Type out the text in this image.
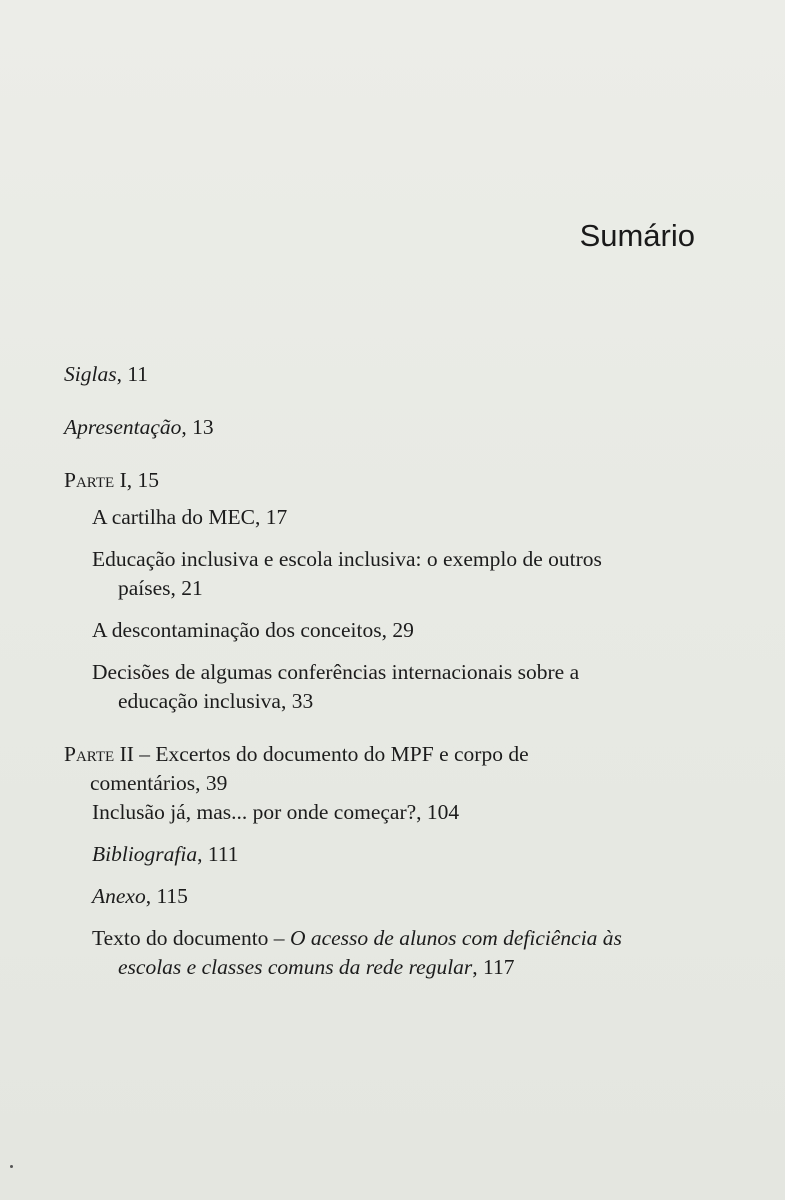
Sumário

Siglas, 11

Apresentação, 13

Parte I, 15

A cartilha do MEC, 17

Educação inclusiva e escola inclusiva: o exemplo de outros
países, 21

A descontaminação dos conceitos, 29

Decisões de algumas conferências internacionais sobre a
educação inclusiva, 33

Parte II – Excertos do documento do MPF e corpo de
comentários, 39

Inclusão já, mas... por onde começar?, 104

Bibliografia, 111

Anexo, 115

Texto do documento – O acesso de alunos com deficiência às
escolas e classes comuns da rede regular, 117
